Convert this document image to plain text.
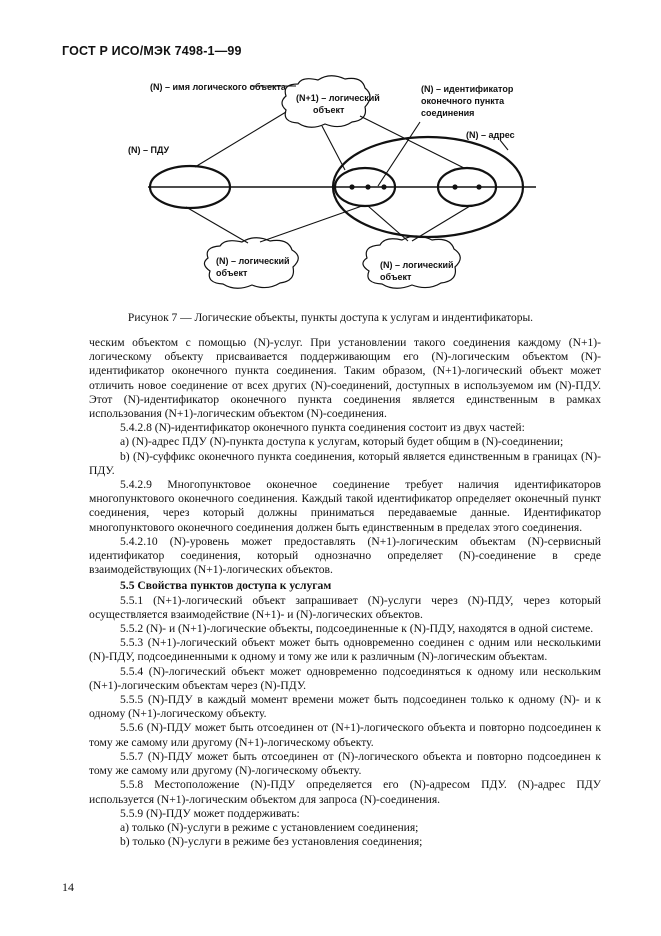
ГОСТ Р ИСО/МЭК 7498-1—99
(N) – имя логического объекта
(N+1) – логический
объект
(N) – идентификатор
оконечного пункта
соединения
(N) – адрес
(N) – ПДУ
(N) – логический
объект
(N) – логический
объект
Рисунок 7 — Логические объекты, пункты доступа к услугам и индентификаторы.

ческим объектом с помощью (N)-услуг. При установлении такого соединения каждому (N+1)-логическому объекту присваивается поддерживающим его (N)-логическим объектом (N)-идентификатор оконечного пункта соединения. Таким образом, (N+1)-логический объект может отличить новое соединение от всех других (N)-соединений, доступных в используемом им (N)-ПДУ. Этот (N)-идентификатор оконечного пункта соединения является единственным в рамках использования (N+1)-логическим объектом (N)-соединения.

5.4.2.8 (N)-идентификатор оконечного пункта соединения состоит из двух частей:

a) (N)-адрес ПДУ (N)-пункта доступа к услугам, который будет общим в (N)-соединении;

b) (N)-суффикс оконечного пункта соединения, который является единственным в границах (N)-ПДУ.

5.4.2.9 Многопунктовое оконечное соединение требует наличия идентификаторов многопунктового оконечного соединения. Каждый такой идентификатор определяет оконечный пункт соединения, через который должны приниматься передаваемые данные. Идентификатор многопунктового оконечного соединения должен быть единственным в пределах этого соединения.

5.4.2.10 (N)-уровень может предоставлять (N+1)-логическим объектам (N)-сервисный идентификатор соединения, который однозначно определяет (N)-соединение в среде взаимодействующих (N+1)-логических объектов.

5.5 Свойства пунктов доступа к услугам

5.5.1 (N+1)-логический объект запрашивает (N)-услуги через (N)-ПДУ, через который осуществляется взаимодействие (N+1)- и (N)-логических объектов.

5.5.2 (N)- и (N+1)-логические объекты, подсоединенные к (N)-ПДУ, находятся в одной системе.

5.5.3 (N+1)-логический объект может быть одновременно соединен с одним или несколькими (N)-ПДУ, подсоединенными к одному и тому же или к различным (N)-логическим объектам.

5.5.4 (N)-логический объект может одновременно подсоединяться к одному или нескольким (N+1)-логическим объектам через (N)-ПДУ.

5.5.5 (N)-ПДУ в каждый момент времени может быть подсоединен только к одному (N)- и к одному (N+1)-логическому объекту.

5.5.6 (N)-ПДУ может быть отсоединен от (N+1)-логического объекта и повторно подсоединен к тому же самому или другому (N+1)-логическому объекту.

5.5.7 (N)-ПДУ может быть отсоединен от (N)-логического объекта и повторно подсоединен к тому же самому или другому (N)-логическому объекту.

5.5.8 Местоположение (N)-ПДУ определяется его (N)-адресом ПДУ. (N)-адрес ПДУ используется (N+1)-логическим объектом для запроса (N)-соединения.

5.5.9 (N)-ПДУ может поддерживать:

a) только (N)-услуги в режиме с установлением соединения;

b) только (N)-услуги в режиме без установления соединения;

14
